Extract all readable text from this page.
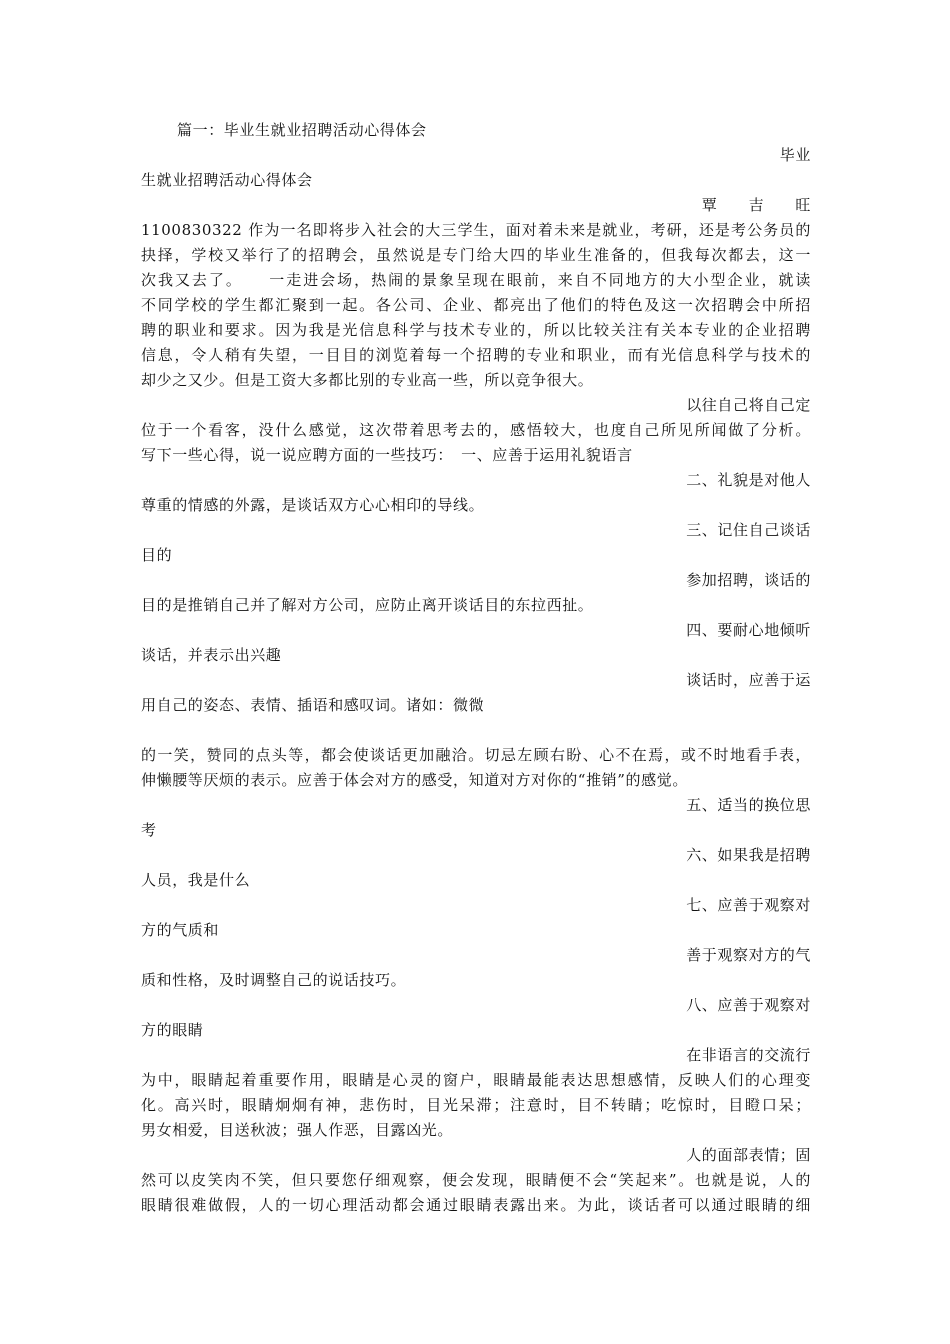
篇一：毕业生就业招聘活动心得体会
毕业
生就业招聘活动心得体会
覃　　吉　　旺
1100830322 作为一名即将步入社会的大三学生，面对着未来是就业，考研，还是考公务员的
抉择，学校又举行了的招聘会，虽然说是专门给大四的毕业生准备的，但我每次都去，这一
次我又去了。　　一走进会场，热闹的景象呈现在眼前，来自不同地方的大小型企业，就读
不同学校的学生都汇聚到一起。各公司、企业、都亮出了他们的特色及这一次招聘会中所招
聘的职业和要求。因为我是光信息科学与技术专业的，所以比较关注有关本专业的企业招聘
信息，令人稍有失望，一目目的浏览着每一个招聘的专业和职业，而有光信息科学与技术的
却少之又少。但是工资大多都比别的专业高一些，所以竞争很大。
以往自己将自己定
位于一个看客，没什么感觉，这次带着思考去的，感悟较大，也度自己所见所闻做了分析。
写下一些心得，说一说应聘方面的一些技巧：　一、应善于运用礼貌语言
二、礼貌是对他人
尊重的情感的外露，是谈话双方心心相印的导线。
三、记住自己谈话
目的
参加招聘，谈话的
目的是推销自己并了解对方公司，应防止离开谈话目的东拉西扯。
四、要耐心地倾听
谈话，并表示出兴趣
谈话时，应善于运
用自己的姿态、表情、插语和感叹词。诸如：微微
的一笑，赞同的点头等，都会使谈话更加融洽。切忌左顾右盼、心不在焉，或不时地看手表，
伸懒腰等厌烦的表示。应善于体会对方的感受，知道对方对你的“推销”的感觉。
五、适当的换位思
考
六、如果我是招聘
人员，我是什么
七、应善于观察对
方的气质和
善于观察对方的气
质和性格，及时调整自己的说话技巧。
八、应善于观察对
方的眼睛
在非语言的交流行
为中，眼睛起着重要作用，眼睛是心灵的窗户，眼睛最能表达思想感情，反映人们的心理变
化。高兴时，眼睛炯炯有神，悲伤时，目光呆滞；注意时，目不转睛；吃惊时，目瞪口呆；
男女相爱，目送秋波；强人作恶，目露凶光。
人的面部表情；固
然可以皮笑肉不笑，但只要您仔细观察，便会发现，眼睛便不会“笑起来”。也就是说，人的
眼睛很难做假，人的一切心理活动都会通过眼睛表露出来。为此，谈话者可以通过眼睛的细
